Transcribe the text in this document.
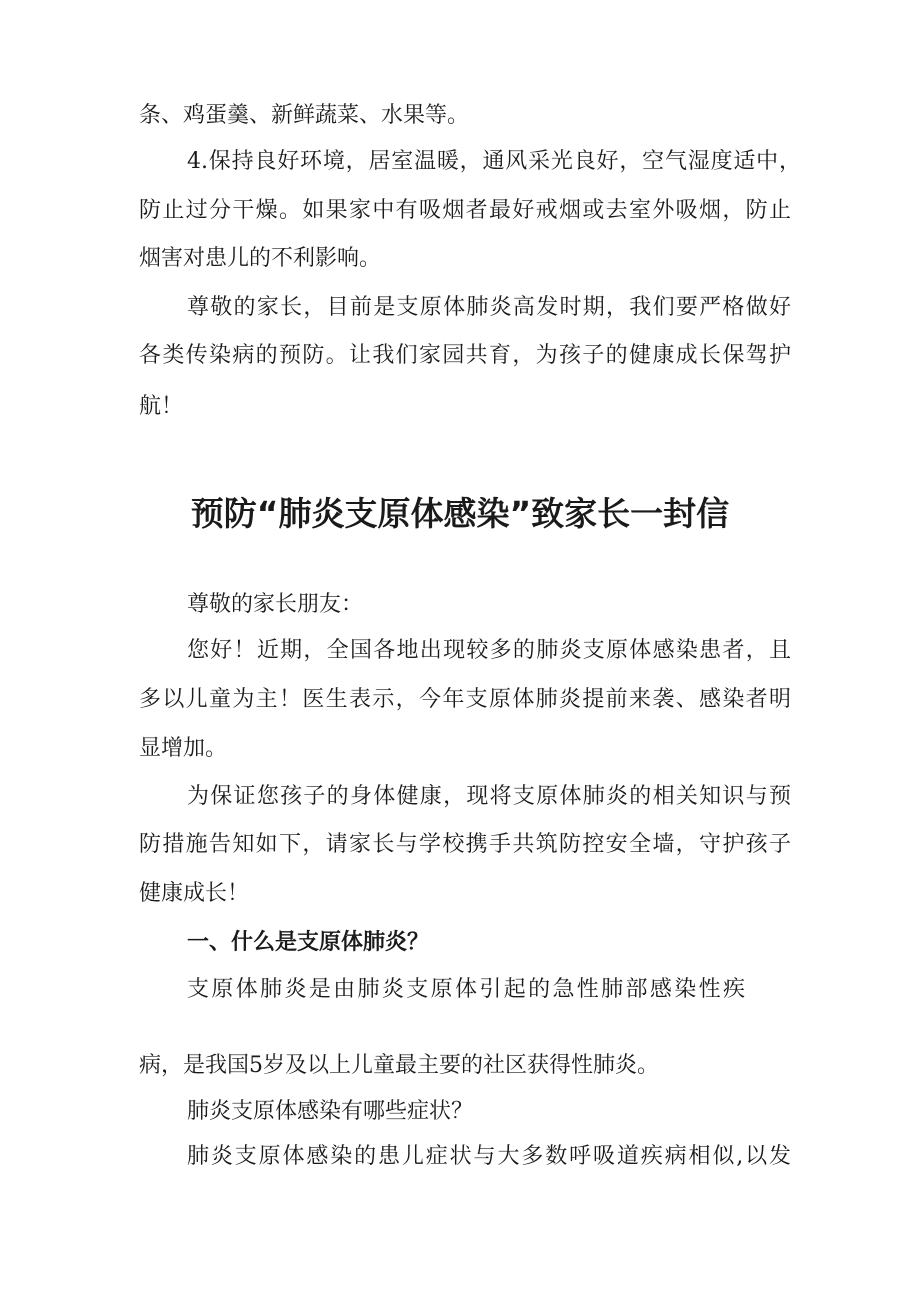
条、鸡蛋羹、新鲜蔬菜、水果等。
4.保持良好环境，居室温暖，通风采光良好，空气湿度适中，
防止过分干燥。如果家中有吸烟者最好戒烟或去室外吸烟，防止
烟害对患儿的不利影响。
尊敬的家长，目前是支原体肺炎高发时期，我们要严格做好
各类传染病的预防。让我们家园共育，为孩子的健康成长保驾护
航！
预防“肺炎支原体感染”致家长一封信
尊敬的家长朋友：
您好！近期，全国各地出现较多的肺炎支原体感染患者，且
多以儿童为主！医生表示，今年支原体肺炎提前来袭、感染者明
显增加。
为保证您孩子的身体健康，现将支原体肺炎的相关知识与预
防措施告知如下，请家长与学校携手共筑防控安全墙，守护孩子
健康成长！
一、什么是支原体肺炎？
支原体肺炎是由肺炎支原体引起的急性肺部感染性疾
病，是我国5岁及以上儿童最主要的社区获得性肺炎。
肺炎支原体感染有哪些症状？
肺炎支原体感染的患儿症状与大多数呼吸道疾病相似,以发
